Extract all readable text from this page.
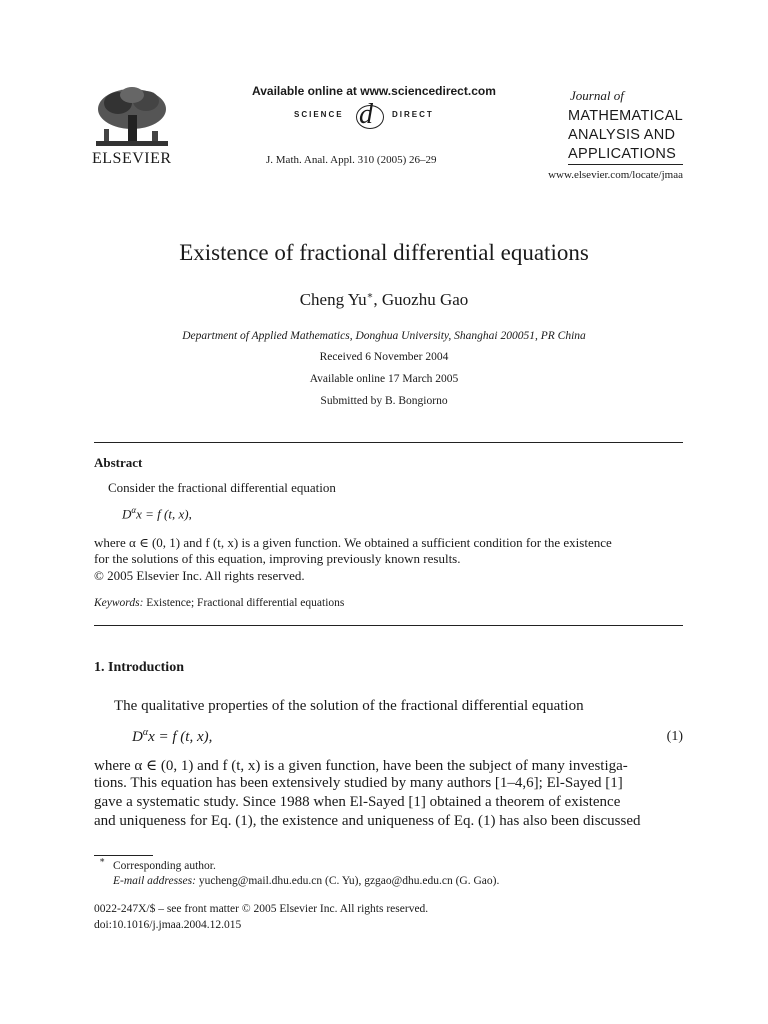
ELSEVIER
Available online at www.sciencedirect.com
SCIENCE d DIRECT
J. Math. Anal. Appl. 310 (2005) 26–29
Journal of
MATHEMATICAL
ANALYSIS AND
APPLICATIONS
www.elsevier.com/locate/jmaa
Existence of fractional differential equations
Cheng Yu∗, Guozhu Gao
Department of Applied Mathematics, Donghua University, Shanghai 200051, PR China
Received 6 November 2004
Available online 17 March 2005
Submitted by B. Bongiorno
Abstract
Consider the fractional differential equation
$D^\alpha x = f$ (t, x),
where α ∈ (0, 1) and f (t, x) is a given function. We obtained a sufficient condition for the existence
for the solutions of this equation, improving previously known results.
© 2005 Elsevier Inc. All rights reserved.
Keywords: Existence; Fractional differential equations
1. Introduction
The qualitative properties of the solution of the fractional differential equation
$D^\alpha x = f$ (t, x),	(1)
where α ∈ (0, 1) and f (t, x) is a given function, have been the subject of many investiga-
tions. This equation has been extensively studied by many authors [1–4,6]; El-Sayed [1]
gave a systematic study. Since 1988 when El-Sayed [1] obtained a theorem of existence
and uniqueness for Eq. (1), the existence and uniqueness of Eq. (1) has also been discussed
∗ Corresponding author.
E-mail addresses: yucheng@mail.dhu.edu.cn (C. Yu), gzgao@dhu.edu.cn (G. Gao).
0022-247X/$ – see front matter © 2005 Elsevier Inc. All rights reserved.
doi:10.1016/j.jmaa.2004.12.015
